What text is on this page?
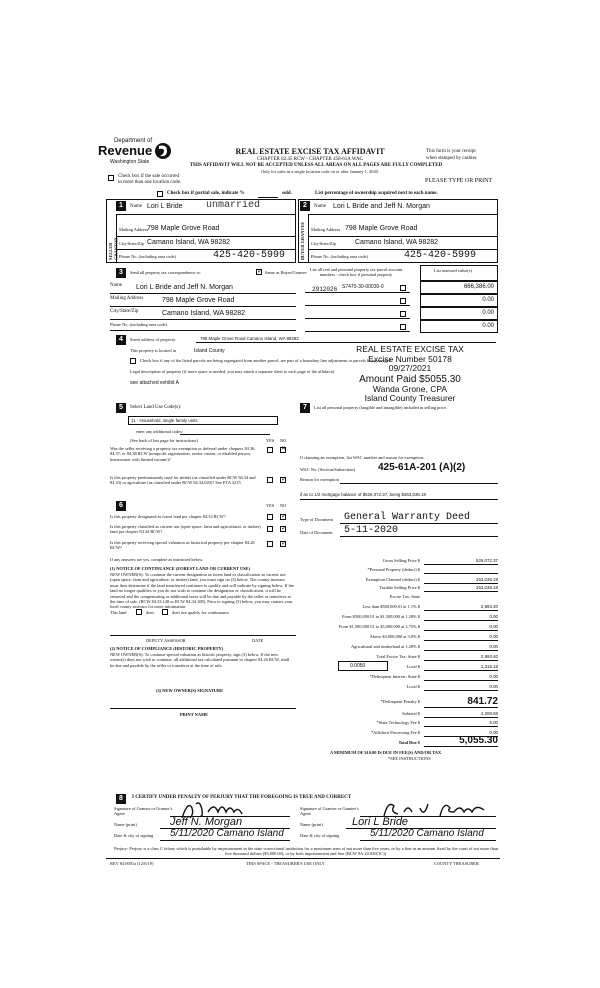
Department of
Revenue
Washington State
REAL ESTATE EXCISE TAX AFFIDAVIT
CHAPTER 82.45 RCW - CHAPTER 458-61A WAC
This form is your receipt
when stamped by cashier.
THIS AFFIDAVIT WILL NOT BE ACCEPTED UNLESS ALL AREAS ON ALL PAGES ARE FULLY COMPLETED
Only for sales in a single location code on or after January 1, 2020.
Check box if the sale occurred
in more than one location code.	PLEASE TYPE OR PRINT
Check box if partial sale, indicate %	sold.	List percentage of ownership acquired next to each name.
1	2
Name Lori L Bride unmarried
SELLER GRANTOR
Mailing Address
798 Maple Grove Road
City/State/Zip Camano Island, WA 98282
Phone No. (including area code)	425-420-5999
Name Lori L Bride and Jeff N. Morgan
BUYER GRANTEE Mailing Address 798 Maple Grove Road
City/State/Zip	Camano Island, WA 98282
Phone No. (including area code)	425-420-5999
3	Send all property tax correspondence to:
✓	Same as Buyer/Grantee
Name Lori L Bride and Jeff N. Morgan
Mailing Address	798 Maple Grove Road
City/State/Zip	Camano Island, WA 98282
Phone No. (including area code)
List all real and personal property tax parcel account numbers - check box if personal property
List assessed value(s)
2912026 S7470-30-00030-0	666,386.00
0.00
0.00
0.00
4	Street address of property:	798 Maple Grove Road Camano Island, WA 98282
This property is located in	Island County
Check box if any of the listed parcels are being segregated from another parcel, are part of a boundary line adjustment or parcels being merged.
Legal description of property (if more space is needed, you may attach a separate sheet to each page of the affidavit)
see attached exhibit A
REAL ESTATE EXCISE TAX
Excise Number 50178
09/27/2021
Amount Paid $5055.30
Wanda Grone, CPA
Island County Treasurer
5	Select Land Use Code(s):
11 - Household, single family units
enter any additional codes:
(See back of last page for instructions)	YES NO
Was the seller receiving a property tax exemption or deferral under chapters 84.36, 84.37, or 84.38 RCW (nonprofit organization, senior citizen, or disabled person, homeowner with limited income)?
✕
Is this property predominantly used for timber (as classified under RCW 84.34 and 84.33) or agriculture (as classified under RCW 84.34.020)? See ETA 3215
✓
6	YES NO
Is this property designated as forest land per chapter 84.33 RCW?
✓
Is this property classified as current use (open space, farm and agricultural, or timber) land per chapter 84.34 RCW?
✓
Is this property receiving special valuation as historical property per chapter 84.26 RCW?
✓
If any answers are yes, complete as instructed below.
(1) NOTICE OF CONTINUANCE (FOREST LAND OR CURRENT USE)
NEW OWNER(S): To continue the current designation as forest land or classification as current use (open space, farm and agriculture, or timber) land, you must sign on (3) below. The county assessor must then determine if the land transferred continues to qualify and will indicate by signing below. If the land no longer qualifies or you do not wish to continue the designation or classification, it will be removed and the compensating or additional taxes will be due and payable by the seller or transferor at the time of sale. (RCW 84.33.140 or RCW 84.34.108). Prior to signing (3) below, you may contact your local county assessor for more information.
This land	does	does not qualify for continuance.
DEPUTY ASSESSOR	DATE
(2) NOTICE OF COMPLIANCE (HISTORIC PROPERTY)
NEW OWNER(S): To continue special valuation as historic property, sign (3) below. If the new owner(s) does not wish to continue, all additional tax calculated pursuant to chapter 84.26 RCW, shall be due and payable by the seller or transferor at the time of sale.
(3) NEW OWNER(S) SIGNATURE
PRINT NAME
7	List all personal property (tangible and intangible) included in selling price.
If claiming an exemption, list WAC number and reason for exemption:
WAC No. (Section/Subsection) 425-61A-201 (A)(2)
Reason for exemption
if as to 1/2 mortgage balance of $526,072.37, being $263,036.19
Type of Document General Warranty Deed
Date of Document 5-11-2020
Gross Selling Price $	526,072.37
*Personal Property (deduct) $
Exemption Claimed (deduct) $	263,036.19
Taxable Selling Price $	263,036.18
Excise Tax: State
Less than $500,000.01 at 1.1% $	2,893.40
From $500,000.01 to $1,500,000 at 1.28% $	0.00
From $1,500,000.01 to $3,000,000 at 2.75% $	0.00
Above $3,000,000 at 3.0% $	0.00
Agricultural and timberland at 1.28% $	0.00
Total Excise Tax: State $	2,893.40
0.0050	Local $	1,315.18
*Delinquent Interest: State $	0.00
Local $	0.00
*Delinquent Penalty $	841.72
Subtotal $	4,208.58
*State Technology Fee $	5.00
*Affidavit Processing Fee $	0.00
Total Due $	5,055.30
A MINIMUM OF $10.00 IS DUE IN FEE(S) AND/OR TAX
*SEE INSTRUCTIONS
8	I CERTIFY UNDER PENALTY OF PERJURY THAT THE FOREGOING IS TRUE AND CORRECT
Signature of Grantor or Grantor's Agent
Name (print)	Jeff N. Morgan
Date & city of signing 5/11/2020 Camano Island
Signature of Grantee or Grantee's Agent
Name (print)	Lori L Bride
Date & city of signing	5/11/2020 Camano Island
Perjury: Perjury is a class C felony which is punishable by imprisonment in the state correctional institution for a maximum term of not more than five years, or by a fine in an amount fixed by the court of not more than five thousand dollars ($5,000.00), or by both imprisonment and fine (RCW 9A.20.020(1C)).
REV 84 0001a (12/6/19)	THIS SPACE - TREASURER'S USE ONLY	COUNTY TREASURER
